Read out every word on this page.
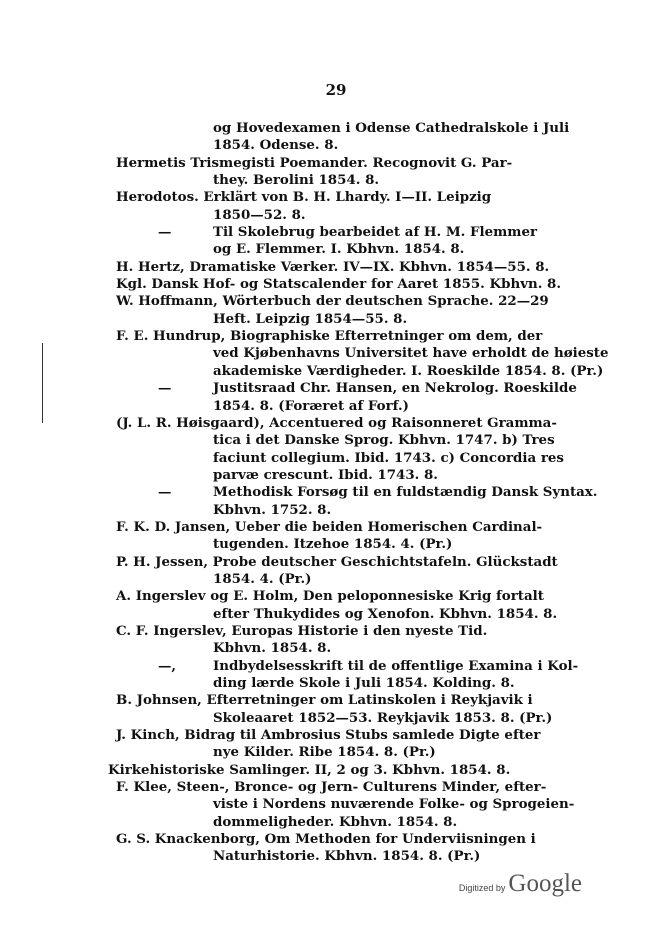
29
og Hovedexamen i Odense Cathedralskole i Juli
1854. Odense. 8.
Hermetis Trismegisti Poemander. Recognovit G. Par-
they. Berolini 1854. 8.
Herodotos. Erklärt von B. H. Lhardy. I—II. Leipzig
1850—52. 8.
—	Til Skolebrug bearbeidet af H. M. Flemmer
og E. Flemmer. I. Kbhvn. 1854. 8.
H. Hertz, Dramatiske Værker. IV—IX. Kbhvn. 1854—55. 8.
Kgl. Dansk Hof- og Statscalender for Aaret 1855. Kbhvn. 8.
W. Hoffmann, Wörterbuch der deutschen Sprache. 22—29
Heft. Leipzig 1854—55. 8.
F. E. Hundrup, Biographiske Efterretninger om dem, der
ved Kjøbenhavns Universitet have erholdt de høieste
akademiske Værdigheder. I. Roeskilde 1854. 8. (Pr.)
—	Justitsraad Chr. Hansen, en Nekrolog. Roeskilde
1854. 8. (Foræret af Forf.)
(J. L. R. Høisgaard), Accentuered og Raisonneret Gramma-
tica i det Danske Sprog. Kbhvn. 1747. b) Tres
faciunt collegium. Ibid. 1743. c) Concordia res
parvæ crescunt. Ibid. 1743. 8.
—	Methodisk Forsøg til en fuldstændig Dansk Syntax.
Kbhvn. 1752. 8.
F. K. D. Jansen, Ueber die beiden Homerischen Cardinal-
tugenden. Itzehoe 1854. 4. (Pr.)
P. H. Jessen, Probe deutscher Geschichtstafeln. Glückstadt
1854. 4. (Pr.)
A. Ingerslev og E. Holm, Den peloponnesiske Krig fortalt
efter Thukydides og Xenofon. Kbhvn. 1854. 8.
C. F. Ingerslev, Europas Historie i den nyeste Tid.
Kbhvn. 1854. 8.
—,	Indbydelsesskrift til de offentlige Examina i Kol-
ding lærde Skole i Juli 1854. Kolding. 8.
B. Johnsen, Efterretninger om Latinskolen i Reykjavik i
Skoleaaret 1852—53. Reykjavik 1853. 8. (Pr.)
J. Kinch, Bidrag til Ambrosius Stubs samlede Digte efter
nye Kilder. Ribe 1854. 8. (Pr.)
Kirkehistoriske Samlinger. II, 2 og 3. Kbhvn. 1854. 8.
F. Klee, Steen-, Bronce- og Jern- Culturens Minder, efter-
viste i Nordens nuværende Folke- og Sprogeien-
dommeligheder. Kbhvn. 1854. 8.
G. S. Knackenborg, Om Methoden for Underviisningen i
Naturhistorie. Kbhvn. 1854. 8. (Pr.)
Digitized by Google
